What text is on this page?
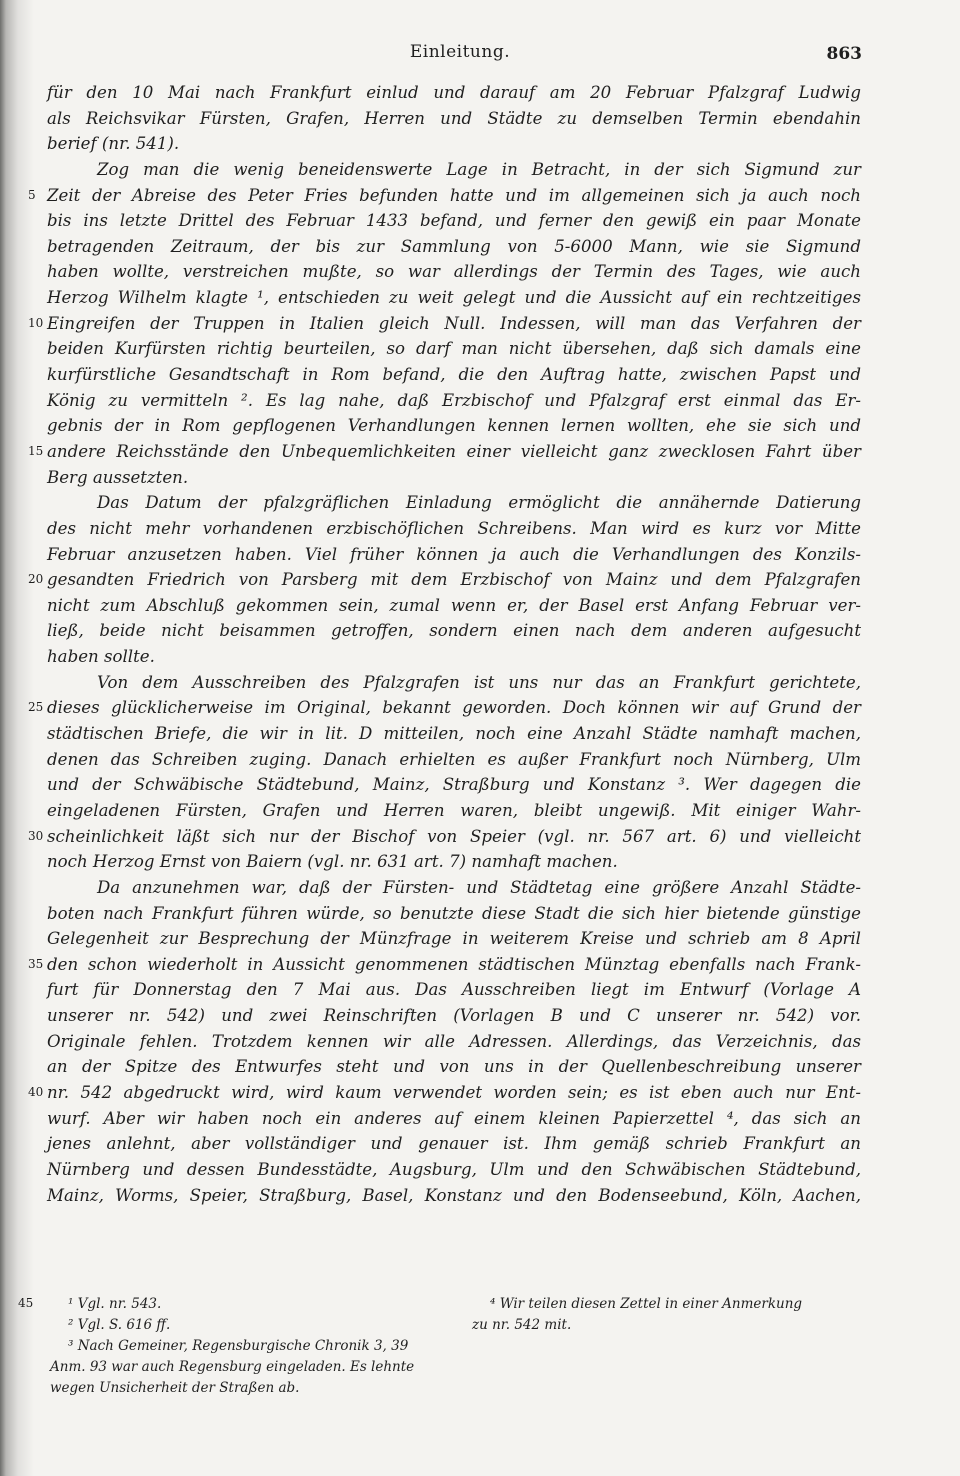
Einleitung.	863
für den 10 Mai nach Frankfurt einlud und darauf am 20 Februar Pfalzgraf Ludwig
als Reichsvikar Fürsten, Grafen, Herren und Städte zu demselben Termin ebendahin
berief (nr. 541).
Zog man die wenig beneidenswerte Lage in Betracht, in der sich Sigmund zur
Zeit der Abreise des Peter Fries befunden hatte und im allgemeinen sich ja auch noch
5
bis ins letzte Drittel des Februar 1433 befand, und ferner den gewiß ein paar Monate
betragenden Zeitraum, der bis zur Sammlung von 5-6000 Mann, wie sie Sigmund
haben wollte, verstreichen mußte, so war allerdings der Termin des Tages, wie auch
Herzog Wilhelm klagte ¹, entschieden zu weit gelegt und die Aussicht auf ein rechtzeitiges
Eingreifen der Truppen in Italien gleich Null. Indessen, will man das Verfahren der
10
beiden Kurfürsten richtig beurteilen, so darf man nicht übersehen, daß sich damals eine
kurfürstliche Gesandtschaft in Rom befand, die den Auftrag hatte, zwischen Papst und
König zu vermitteln ². Es lag nahe, daß Erzbischof und Pfalzgraf erst einmal das Er-
gebnis der in Rom gepflogenen Verhandlungen kennen lernen wollten, ehe sie sich und
andere Reichsstände den Unbequemlichkeiten einer vielleicht ganz zwecklosen Fahrt über
15
Berg aussetzten.
Das Datum der pfalzgräflichen Einladung ermöglicht die annähernde Datierung
des nicht mehr vorhandenen erzbischöflichen Schreibens. Man wird es kurz vor Mitte
Februar anzusetzen haben. Viel früher können ja auch die Verhandlungen des Konzils-
gesandten Friedrich von Parsberg mit dem Erzbischof von Mainz und dem Pfalzgrafen
20
nicht zum Abschluß gekommen sein, zumal wenn er, der Basel erst Anfang Februar ver-
ließ, beide nicht beisammen getroffen, sondern einen nach dem anderen aufgesucht
haben sollte.
Von dem Ausschreiben des Pfalzgrafen ist uns nur das an Frankfurt gerichtete,
dieses glücklicherweise im Original, bekannt geworden. Doch können wir auf Grund der
25
städtischen Briefe, die wir in lit. D mitteilen, noch eine Anzahl Städte namhaft machen,
denen das Schreiben zuging. Danach erhielten es außer Frankfurt noch Nürnberg, Ulm
und der Schwäbische Städtebund, Mainz, Straßburg und Konstanz ³. Wer dagegen die
eingeladenen Fürsten, Grafen und Herren waren, bleibt ungewiß. Mit einiger Wahr-
scheinlichkeit läßt sich nur der Bischof von Speier (vgl. nr. 567 art. 6) und vielleicht
30
noch Herzog Ernst von Baiern (vgl. nr. 631 art. 7) namhaft machen.
Da anzunehmen war, daß der Fürsten- und Städtetag eine größere Anzahl Städte-
boten nach Frankfurt führen würde, so benutzte diese Stadt die sich hier bietende günstige
Gelegenheit zur Besprechung der Münzfrage in weiterem Kreise und schrieb am 8 April
den schon wiederholt in Aussicht genommenen städtischen Münztag ebenfalls nach Frank-
35
furt für Donnerstag den 7 Mai aus. Das Ausschreiben liegt im Entwurf (Vorlage A
unserer nr. 542) und zwei Reinschriften (Vorlagen B und C unserer nr. 542) vor.
Originale fehlen. Trotzdem kennen wir alle Adressen. Allerdings, das Verzeichnis, das
an der Spitze des Entwurfes steht und von uns in der Quellenbeschreibung unserer
nr. 542 abgedruckt wird, wird kaum verwendet worden sein; es ist eben auch nur Ent-
40
wurf. Aber wir haben noch ein anderes auf einem kleinen Papierzettel ⁴, das sich an
jenes anlehnt, aber vollständiger und genauer ist. Ihm gemäß schrieb Frankfurt an
Nürnberg und dessen Bundesstädte, Augsburg, Ulm und den Schwäbischen Städtebund,
Mainz, Worms, Speier, Straßburg, Basel, Konstanz und den Bodenseebund, Köln, Aachen,
45	¹ Vgl. nr. 543.
² Vgl. S. 616 ff.
³ Nach Gemeiner, Regensburgische Chronik 3, 39
Anm. 93 war auch Regensburg eingeladen. Es lehnte
wegen Unsicherheit der Straßen ab.
⁴ Wir teilen diesen Zettel in einer Anmerkung
zu nr. 542 mit.
